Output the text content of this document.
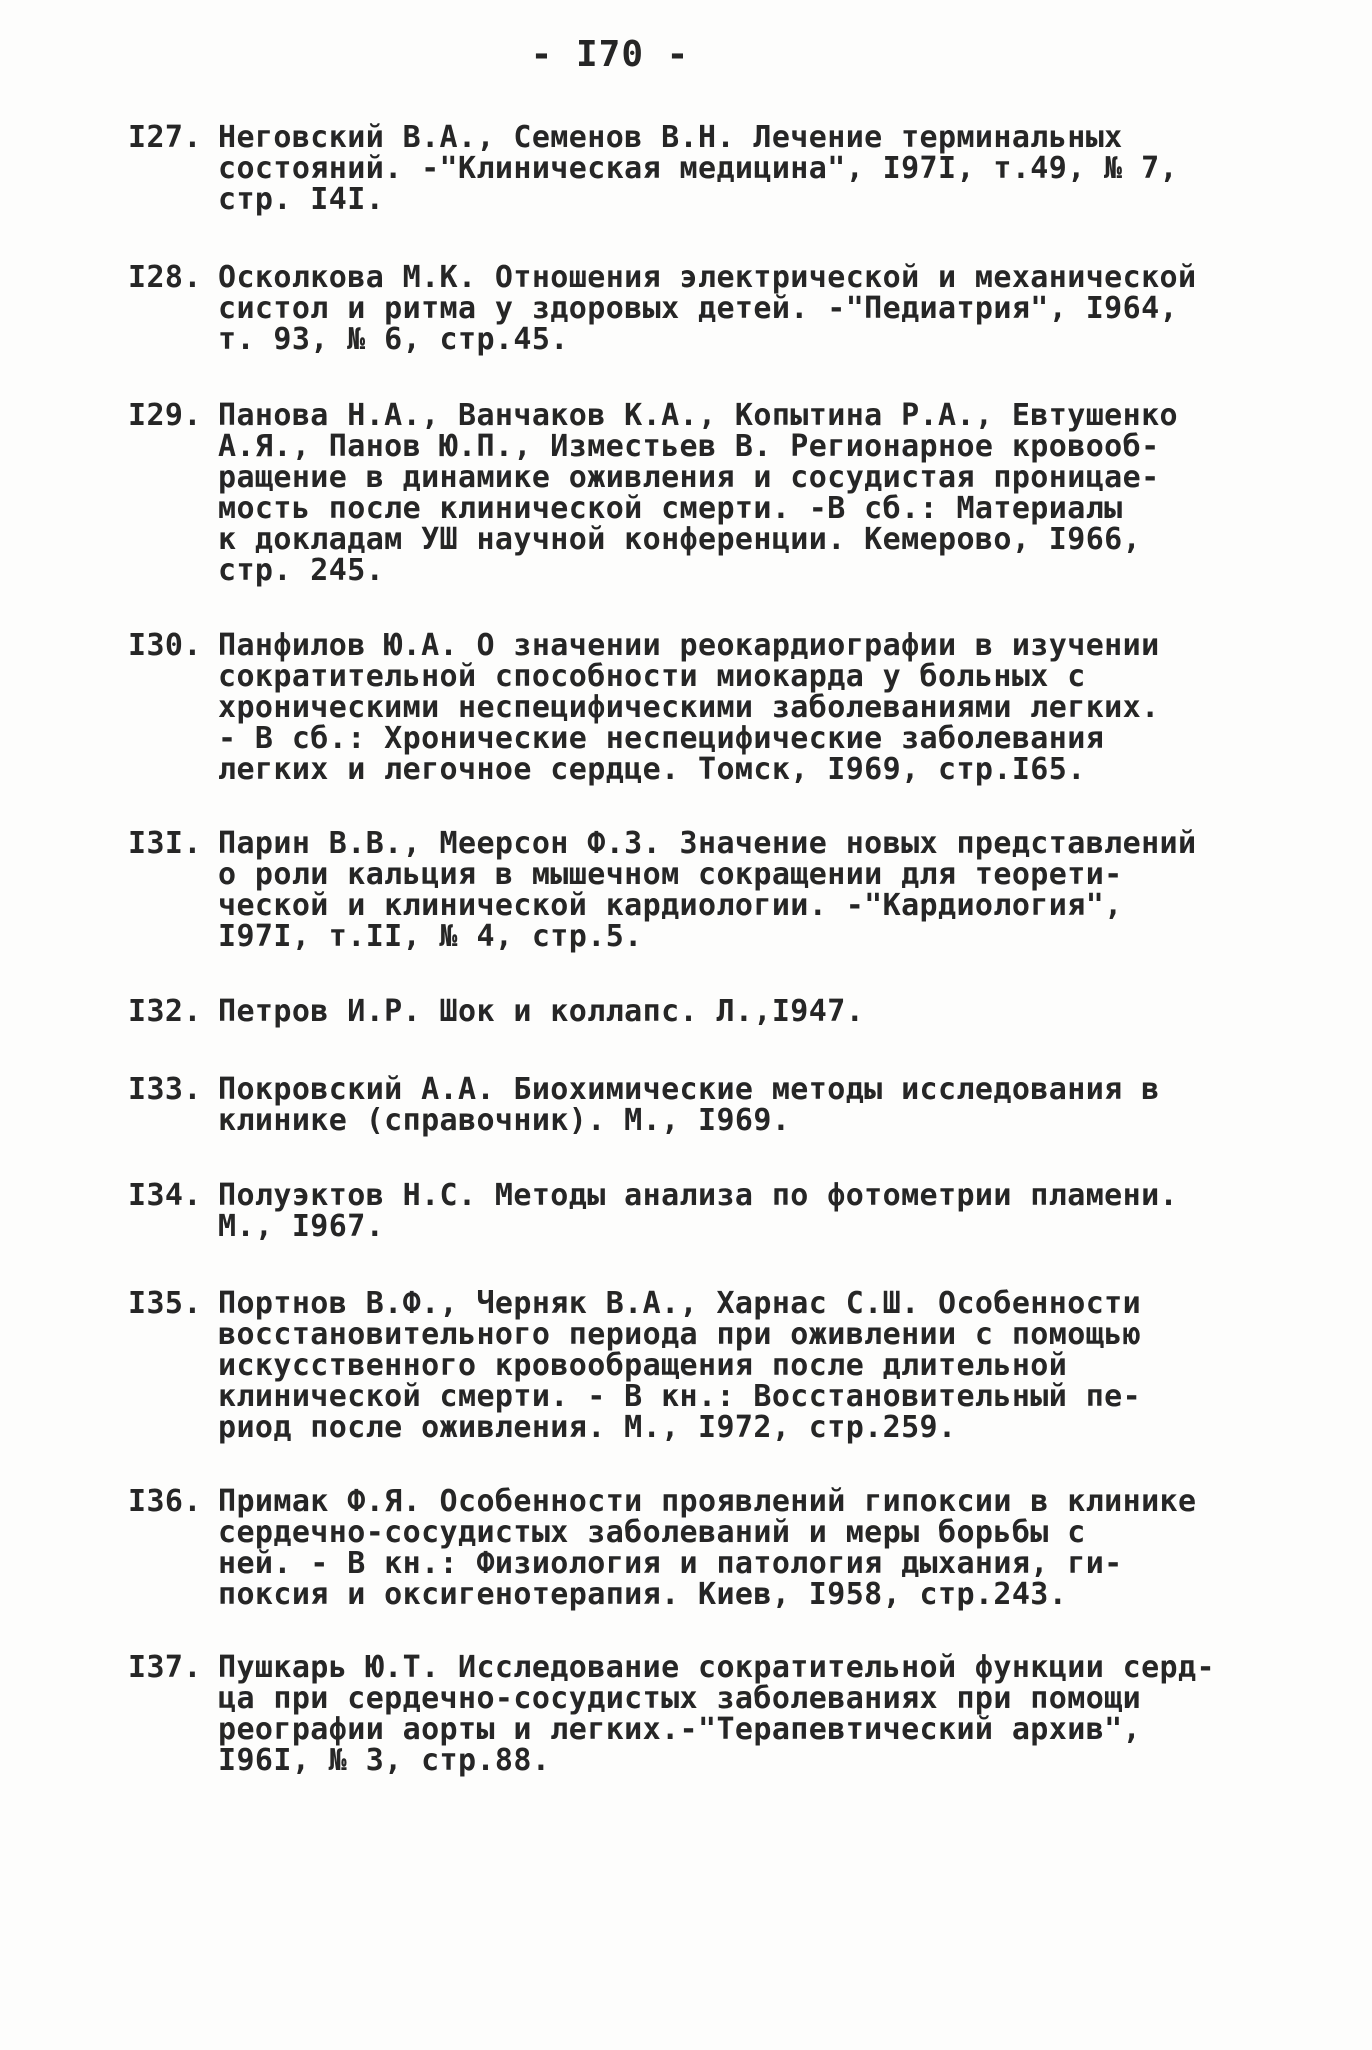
- I70 -
I27. Неговский В.А., Семенов В.Н. Лечение терминальных
состояний. -"Клиническая медицина", I97I, т.49, № 7,
стр. I4I.
I28. Осколкова М.К. Отношения электрической и механической
систол и ритма у здоровых детей. -"Педиатрия", I964,
т. 93, № 6, стр.45.
I29. Панова Н.А., Ванчаков К.А., Копытина Р.А., Евтушенко
А.Я., Панов Ю.П., Изместьев В. Регионарное кровооб-
ращение в динамике оживления и сосудистая проницае-
мость после клинической смерти. -В сб.: Материалы
к докладам УШ научной конференции. Кемерово, I966,
стр. 245.
I30. Панфилов Ю.А. О значении реокардиографии в изучении
сократительной способности миокарда у больных с
хроническими неспецифическими заболеваниями легких.
- В сб.: Хронические неспецифические заболевания
легких и легочное сердце. Томск, I969, стр.I65.
I3I. Парин В.В., Меерсон Ф.З. Значение новых представлений
о роли кальция в мышечном сокращении для теорети-
ческой и клинической кардиологии. -"Кардиология",
I97I, т.II, № 4, стр.5.
I32. Петров И.Р. Шок и коллапс. Л.,I947.
I33. Покровский А.А. Биохимические методы исследования в
клинике (справочник). М., I969.
I34. Полуэктов Н.С. Методы анализа по фотометрии пламени.
М., I967.
I35. Портнов В.Ф., Черняк В.А., Харнас С.Ш. Особенности
восстановительного периода при оживлении с помощью
искусственного кровообращения после длительной
клинической смерти. - В кн.: Восстановительный пе-
риод после оживления. М., I972, стр.259.
I36. Примак Ф.Я. Особенности проявлений гипоксии в клинике
сердечно-сосудистых заболеваний и меры борьбы с
ней. - В кн.: Физиология и патология дыхания, ги-
поксия и оксигенотерапия. Киев, I958, стр.243.
I37. Пушкарь Ю.Т. Исследование сократительной функции серд-
ца при сердечно-сосудистых заболеваниях при помощи
реографии аорты и легких.-"Терапевтический архив",
I96I, № 3, стр.88.
